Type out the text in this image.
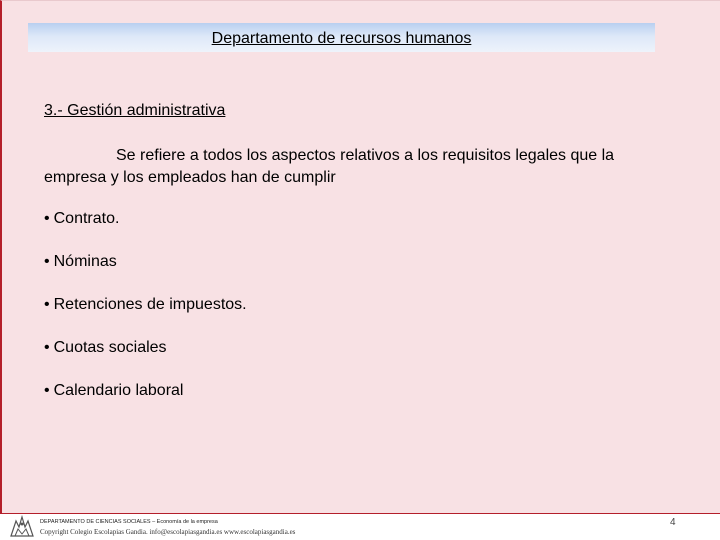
Departamento de recursos humanos
3.- Gestión administrativa
Se refiere a todos los aspectos relativos a los requisitos legales que la empresa y los empleados han de cumplir
• Contrato.
• Nóminas
• Retenciones de impuestos.
• Cuotas sociales
• Calendario laboral
DEPARTAMENTO DE CIENCIAS SOCIALES – Economía de la empresa
Copyright Colegio Escolapias Gandia. info@escolapiasgandia.es www.escolapiasgandia.es
4
